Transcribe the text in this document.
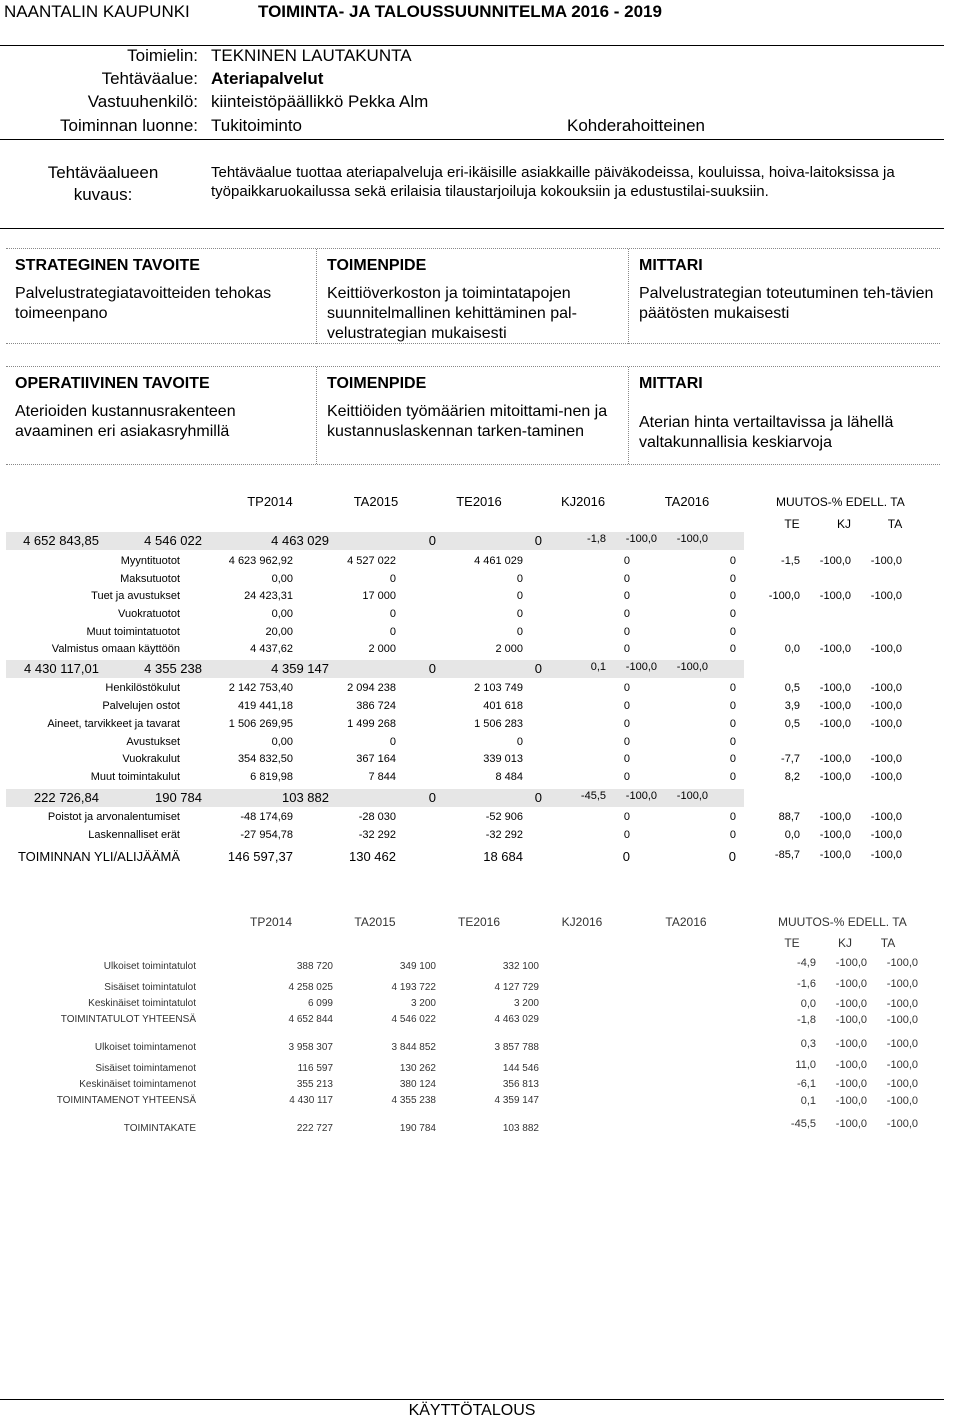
NAANTALIN KAUPUNKI	TOIMINTA- JA TALOUSSUUNNITELMA 2016 - 2019
Toimielin: TEKNINEN LAUTAKUNTA
Tehtäväalue: Ateriapalvelut
Vastuuhenkilö: kiinteistöpäällikkö Pekka Alm
Toiminnan luonne: Tukitoiminto	Kohderahoitteinen
Tehtäväalueen
kuvaus:
Tehtäväalue tuottaa ateriapalveluja eri-ikäisille asiakkaille päiväkodeissa, kouluissa, hoiva-laitoksissa ja työpaikkaruokailussa sekä erilaisia tilaustarjoiluja kokouksiin ja edustustilai-suuksiin.
STRATEGINEN TAVOITE	TOIMENPIDE	MITTARI
Palvelustrategiatavoitteiden tehokas toimeenpano
Keittiöverkoston ja toimintatapojen suunnitelmallinen kehittäminen pal-velustrategian mukaisesti
Palvelustrategian toteutuminen teh-tävien päätösten mukaisesti
OPERATIIVINEN TAVOITE	TOIMENPIDE	MITTARI
Aterioiden kustannusrakenteen avaaminen eri asiakasryhmillä
Keittiöiden työmäärien mitoittami-nen ja kustannuslaskennan tarken-taminen
Aterian hinta vertailtavissa ja lähellä valtakunnallisia keskiarvoja
TP2014	TA2015	TE2016	KJ2016	TA2016	MUUTOS-% EDELL. TA
TE	KJ	TA
4 652 843,85	4 546 022	4 463 029	0	0	-1,8 -100,0 -100,0
Myyntituotot	4 623 962,92	4 527 022	4 461 029	0	0	-1,5 -100,0 -100,0
Maksutuotot	0,00	0	0	0	0
Tuet ja avustukset	24 423,31	17 000	0	0	0	-100,0 -100,0 -100,0
Vuokratuotot	0,00	0	0	0	0
Muut toimintatuotot	20,00	0	0	0	0
Valmistus omaan käyttöön	4 437,62	2 000	2 000	0	0	0,0 -100,0 -100,0
4 430 117,01	4 355 238	4 359 147	0	0	0,1 -100,0 -100,0
Henkilöstökulut	2 142 753,40	2 094 238	2 103 749	0	0	0,5 -100,0 -100,0
Palvelujen ostot	419 441,18	386 724	401 618	0	0	3,9 -100,0 -100,0
Aineet, tarvikkeet ja tavarat	1 506 269,95	1 499 268	1 506 283	0	0	0,5 -100,0 -100,0
Avustukset	0,00	0	0	0	0
Vuokrakulut	354 832,50	367 164	339 013	0	0	-7,7 -100,0 -100,0
Muut toimintakulut	6 819,98	7 844	8 484	0	0	8,2 -100,0 -100,0
222 726,84	190 784	103 882	0	0	-45,5 -100,0 -100,0
Poistot ja arvonalentumiset	-48 174,69	-28 030	-52 906	0	0	88,7 -100,0 -100,0
Laskennalliset erät	-27 954,78	-32 292	-32 292	0	0	0,0 -100,0 -100,0
TOIMINNAN YLI/ALIJÄÄMÄ	146 597,37	130 462	18 684	0	0	-85,7 -100,0 -100,0
TP2014	TA2015	TE2016	KJ2016	TA2016	MUUTOS-% EDELL. TA
TE	KJ	TA
Ulkoiset toimintatulot	388 720	349 100	332 100	-4,9 -100,0 -100,0
Sisäiset toimintatulot	4 258 025	4 193 722	4 127 729	-1,6 -100,0 -100,0
Keskinäiset toimintatulot	6 099	3 200	3 200	0,0 -100,0 -100,0
TOIMINTATULOT YHTEENSÄ	4 652 844	4 546 022	4 463 029	-1,8 -100,0 -100,0
Ulkoiset toimintamenot	3 958 307	3 844 852	3 857 788	0,3 -100,0 -100,0
Sisäiset toimintamenot	116 597	130 262	144 546	11,0 -100,0 -100,0
Keskinäiset toimintamenot	355 213	380 124	356 813	-6,1 -100,0 -100,0
TOIMINTAMENOT YHTEENSÄ	4 430 117	4 355 238	4 359 147	0,1 -100,0 -100,0
TOIMINTAKATE	222 727	190 784	103 882	-45,5 -100,0 -100,0
KÄYTTÖTALOUS
